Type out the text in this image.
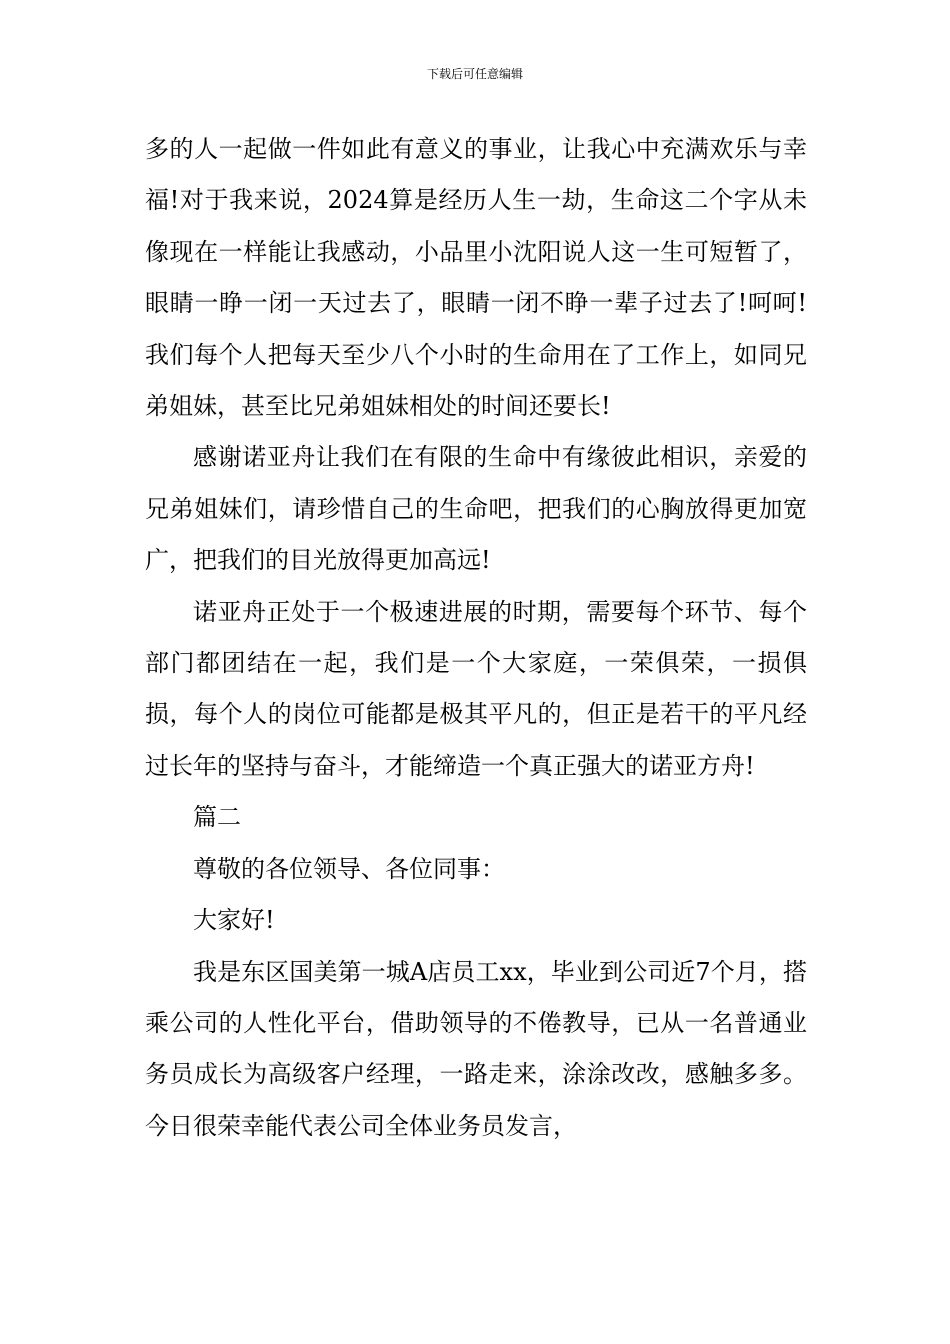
下载后可任意编辑

多的人一起做一件如此有意义的事业，让我心中充满欢乐与幸福!对于我来说，2024算是经历人生一劫，生命这二个字从未像现在一样能让我感动，小品里小沈阳说人这一生可短暂了，眼睛一睁一闭一天过去了，眼睛一闭不睁一辈子过去了!呵呵!我们每个人把每天至少八个小时的生命用在了工作上，如同兄弟姐妹，甚至比兄弟姐妹相处的时间还要长!

感谢诺亚舟让我们在有限的生命中有缘彼此相识，亲爱的兄弟姐妹们，请珍惜自己的生命吧，把我们的心胸放得更加宽广，把我们的目光放得更加高远!

诺亚舟正处于一个极速进展的时期，需要每个环节、每个部门都团结在一起，我们是一个大家庭，一荣俱荣，一损俱损，每个人的岗位可能都是极其平凡的，但正是若干的平凡经过长年的坚持与奋斗，才能缔造一个真正强大的诺亚方舟!

篇二

尊敬的各位领导、各位同事：

大家好!

我是东区国美第一城A店员工xx，毕业到公司近7个月，搭乘公司的人性化平台，借助领导的不倦教导，已从一名普通业务员成长为高级客户经理，一路走来，涂涂改改，感触多多。今日很荣幸能代表公司全体业务员发言，
